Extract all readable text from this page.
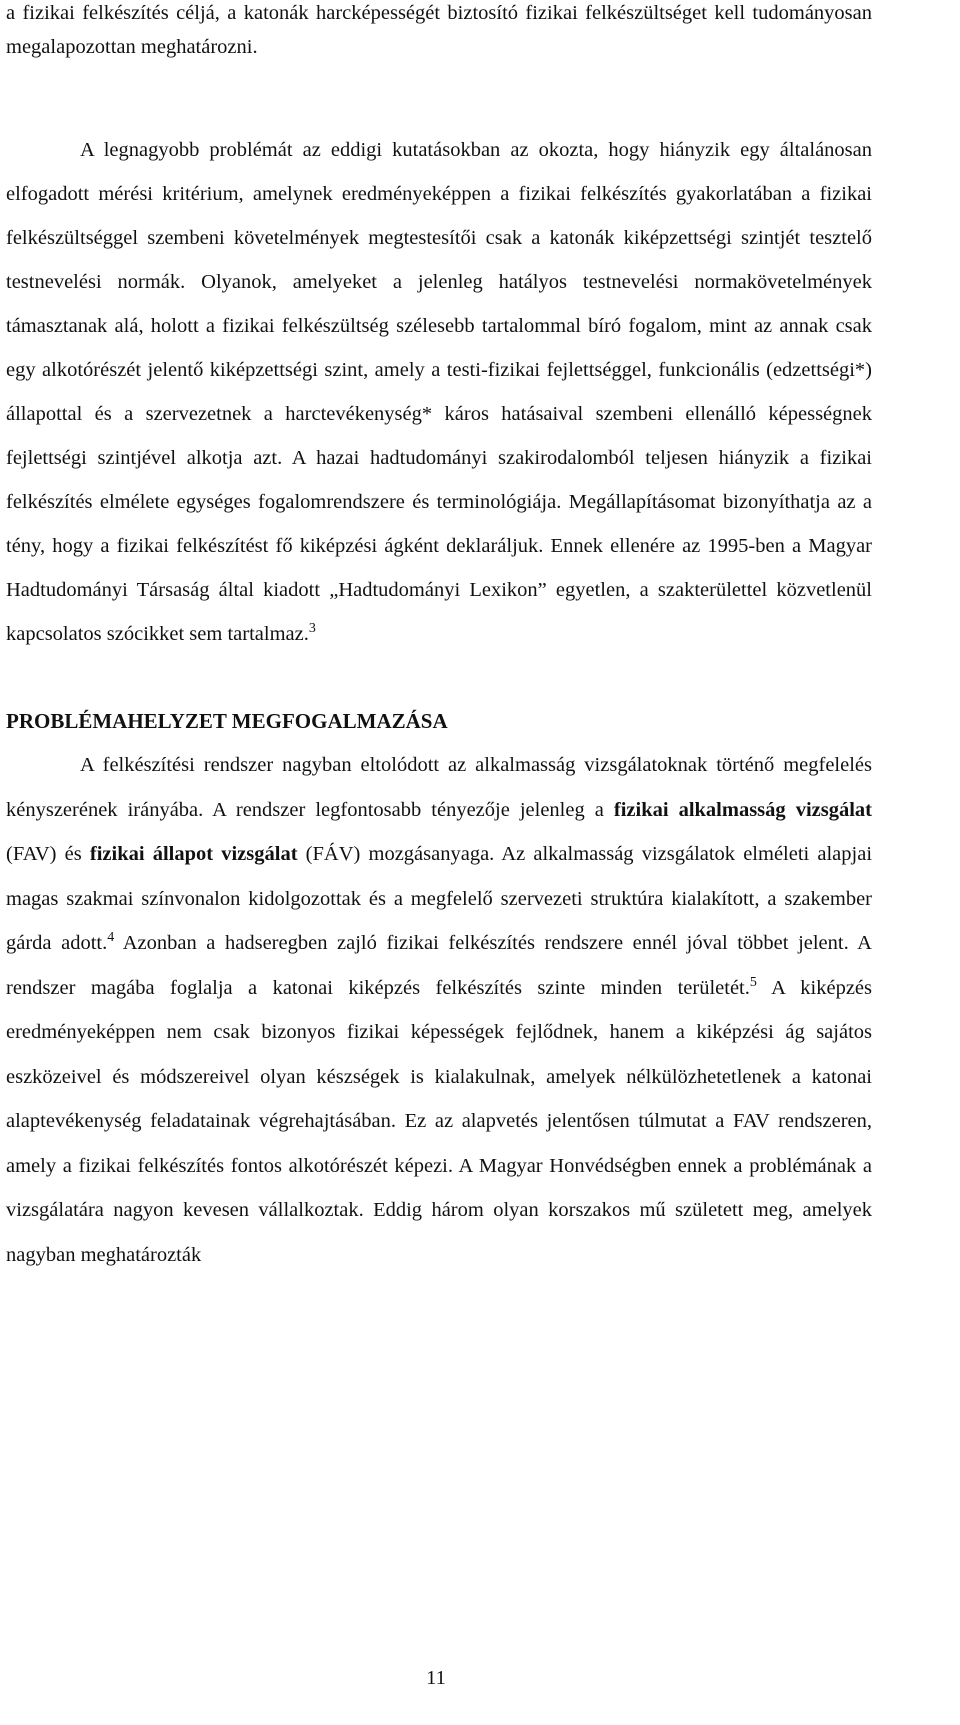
a fizikai felkészítés céljá, a katonák harcképességét biztosító fizikai felkészültséget kell tudományosan megalapozottan meghatározni.

A legnagyobb problémát az eddigi kutatásokban az okozta, hogy hiányzik egy általánosan elfogadott mérési kritérium, amelynek eredményeképpen a fizikai felkészítés gyakorlatában a fizikai felkészültséggel szembeni követelmények megtestesítői csak a katonák kiképzettségi szintjét tesztelő testnevelési normák. Olyanok, amelyeket a jelenleg hatályos testnevelési normakövetelmények támasztanak alá, holott a fizikai felkészültség szélesebb tartalommal bíró fogalom, mint az annak csak egy alkotórészét jelentő kiképzettségi szint, amely a testi-fizikai fejlettséggel, funkcionális (edzettségi*) állapottal és a szervezetnek a harctevékenység* káros hatásaival szembeni ellenálló képességnek fejlettségi szintjével alkotja azt. A hazai hadtudományi szakirodalomból teljesen hiányzik a fizikai felkészítés elmélete egységes fogalomrendszere és terminológiája. Megállapításomat bizonyíthatja az a tény, hogy a fizikai felkészítést fő kiképzési ágként deklaráljuk. Ennek ellenére az 1995-ben a Magyar Hadtudományi Társaság által kiadott „Hadtudományi Lexikon” egyetlen, a szakterülettel közvetlenül kapcsolatos szócikket sem tartalmaz.$^3$

PROBLÉMAHELYZET MEGFOGALMAZÁSA

A felkészítési rendszer nagyban eltolódott az alkalmasság vizsgálatoknak történő megfelelés kényszerének irányába. A rendszer legfontosabb tényezője jelenleg a fizikai alkalmasság vizsgálat (FAV) és fizikai állapot vizsgálat (FÁV) mozgásanyaga. Az alkalmasság vizsgálatok elméleti alapjai magas szakmai színvonalon kidolgozottak és a megfelelő szervezeti struktúra kialakított, a szakember gárda adott.$^4$ Azonban a hadseregben zajló fizikai felkészítés rendszere ennél jóval többet jelent. A rendszer magába foglalja a katonai kiképzés felkészítés szinte minden területét.$^5$ A kiképzés eredményeképpen nem csak bizonyos fizikai képességek fejlődnek, hanem a kiképzési ág sajátos eszközeivel és módszereivel olyan készségek is kialakulnak, amelyek nélkülözhetetlenek a katonai alaptevékenység feladatainak végrehajtásában. Ez az alapvetés jelentősen túlmutat a FAV rendszeren, amely a fizikai felkészítés fontos alkotórészét képezi. A Magyar Honvédségben ennek a problémának a vizsgálatára nagyon kevesen vállalkoztak. Eddig három olyan korszakos mű született meg, amelyek nagyban meghatározták

11
